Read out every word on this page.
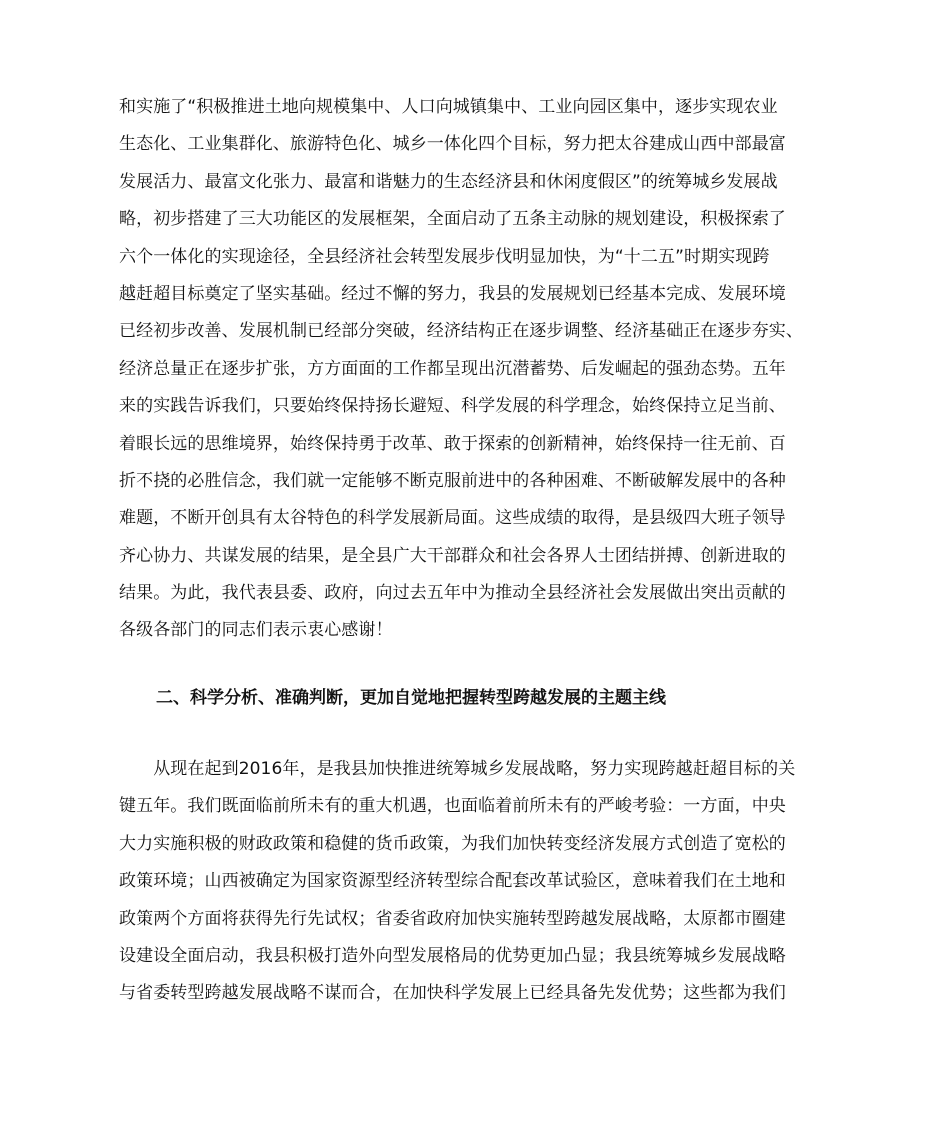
和实施了“积极推进土地向规模集中、人口向城镇集中、工业向园区集中，逐步实现农业
生态化、工业集群化、旅游特色化、城乡一体化四个目标，努力把太谷建成山西中部最富
发展活力、最富文化张力、最富和谐魅力的生态经济县和休闲度假区”的统筹城乡发展战
略，初步搭建了三大功能区的发展框架，全面启动了五条主动脉的规划建设，积极探索了
六个一体化的实现途径，全县经济社会转型发展步伐明显加快，为“十二五”时期实现跨
越赶超目标奠定了坚实基础。经过不懈的努力，我县的发展规划已经基本完成、发展环境
已经初步改善、发展机制已经部分突破，经济结构正在逐步调整、经济基础正在逐步夯实、
经济总量正在逐步扩张，方方面面的工作都呈现出沉潜蓄势、后发崛起的强劲态势。五年
来的实践告诉我们，只要始终保持扬长避短、科学发展的科学理念，始终保持立足当前、
着眼长远的思维境界，始终保持勇于改革、敢于探索的创新精神，始终保持一往无前、百
折不挠的必胜信念，我们就一定能够不断克服前进中的各种困难、不断破解发展中的各种
难题，不断开创具有太谷特色的科学发展新局面。这些成绩的取得，是县级四大班子领导
齐心协力、共谋发展的结果，是全县广大干部群众和社会各界人士团结拼搏、创新进取的
结果。为此，我代表县委、政府，向过去五年中为推动全县经济社会发展做出突出贡献的
各级各部门的同志们表示衷心感谢！
二、科学分析、准确判断，更加自觉地把握转型跨越发展的主题主线
　　从现在起到2016年，是我县加快推进统筹城乡发展战略，努力实现跨越赶超目标的关
键五年。我们既面临前所未有的重大机遇，也面临着前所未有的严峻考验：一方面，中央
大力实施积极的财政政策和稳健的货币政策，为我们加快转变经济发展方式创造了宽松的
政策环境；山西被确定为国家资源型经济转型综合配套改革试验区，意味着我们在土地和
政策两个方面将获得先行先试权；省委省政府加快实施转型跨越发展战略，太原都市圈建
设建设全面启动，我县积极打造外向型发展格局的优势更加凸显；我县统筹城乡发展战略
与省委转型跨越发展战略不谋而合，在加快科学发展上已经具备先发优势；这些都为我们
